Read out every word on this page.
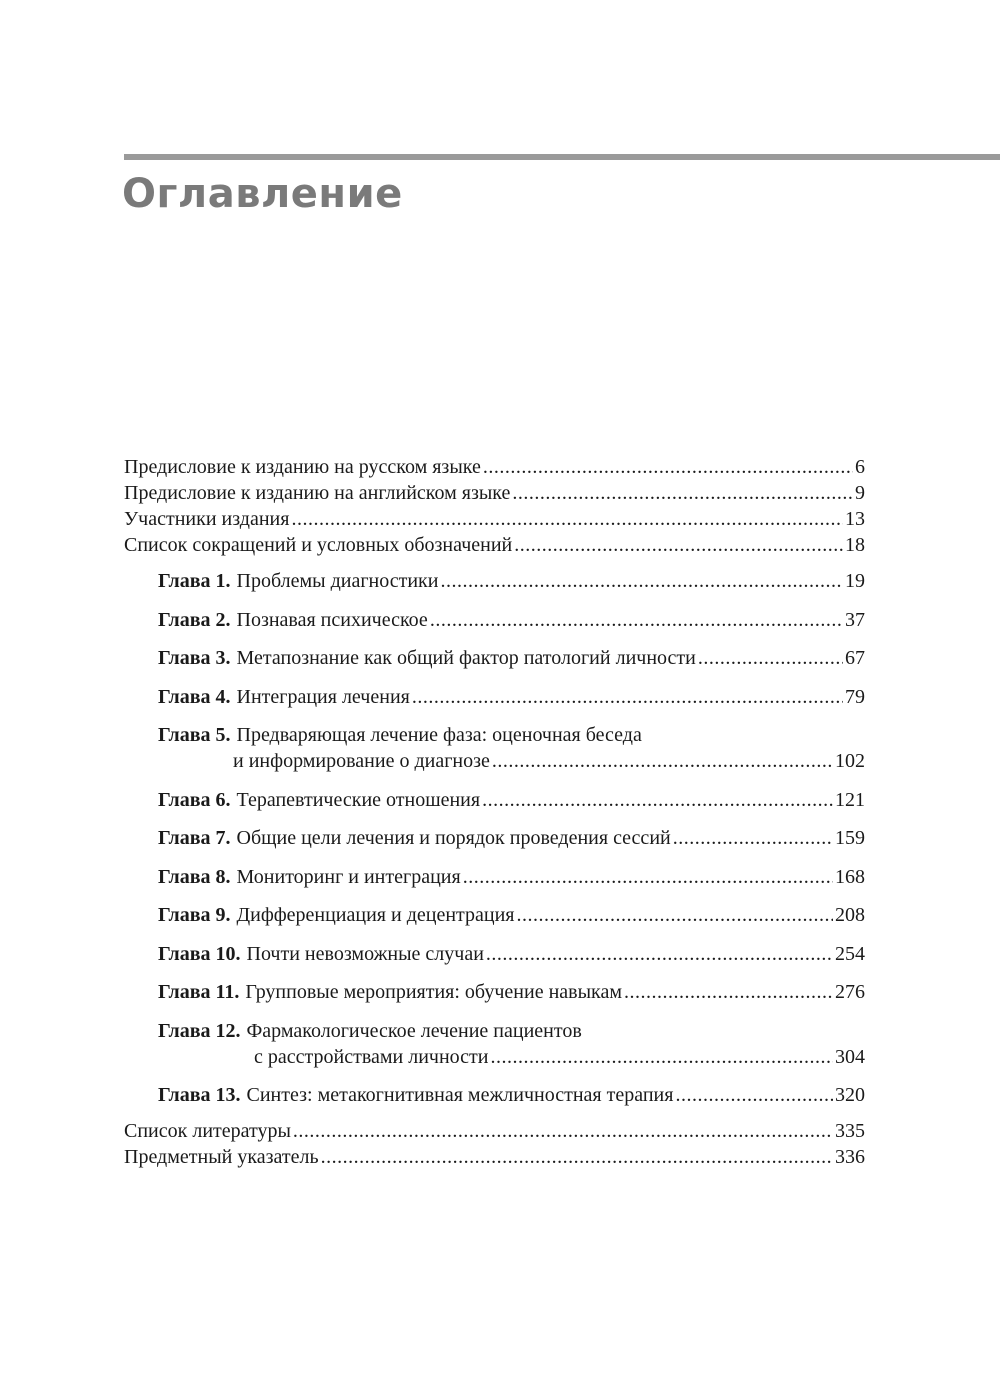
Оглавление
Предисловие к изданию на русском языке .....	6
Предисловие к изданию на английском языке .....	9
Участники издания .....	13
Список сокращений и условных обозначений .....	18
Глава 1. Проблемы диагностики .....	19
Глава 2. Познавая психическое .....	37
Глава 3. Метапознание как общий фактор патологий личности .....	67
Глава 4. Интеграция лечения .....	79
Глава 5. Предваряющая лечение фаза: оценочная беседа
и информирование о диагнозе .....	102
Глава 6. Терапевтические отношения .....	121
Глава 7. Общие цели лечения и порядок проведения сессий .....	159
Глава 8. Мониторинг и интеграция .....	168
Глава 9. Дифференциация и децентрация .....	208
Глава 10. Почти невозможные случаи .....	254
Глава 11. Групповые мероприятия: обучение навыкам .....	276
Глава 12. Фармакологическое лечение пациентов
с расстройствами личности .....	304
Глава 13. Синтез: метакогнитивная межличностная терапия .....	320
Список литературы .....	335
Предметный указатель .....	336
